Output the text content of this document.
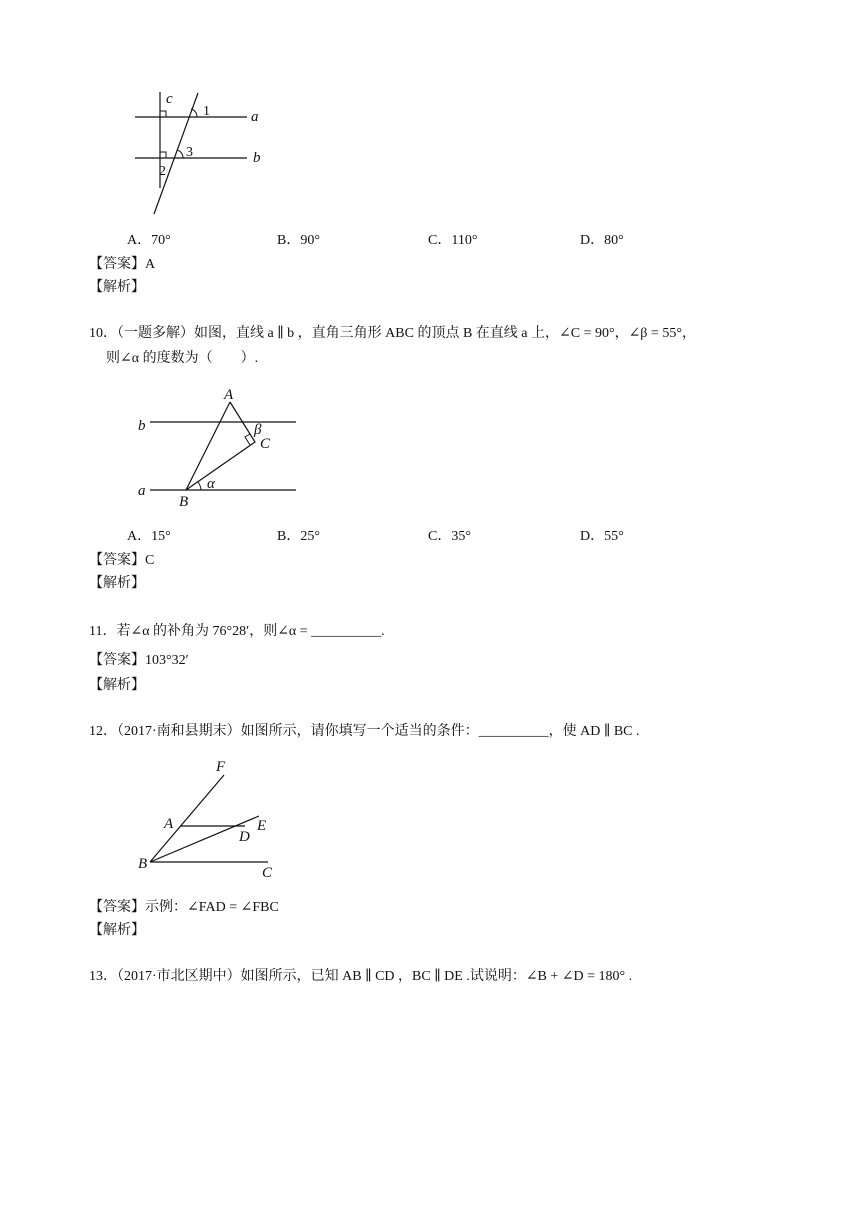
c
a
b
1
2
3
A．70°	B．90°	C．110°	D．80°
【答案】A
【解析】
10．（一题多解）如图，直线 a ∥ b ，直角三角形 ABC 的顶点 B 在直线 a 上，∠C = 90°，∠β = 55°，
则∠α 的度数为（　　）.
A
B
C
b
a	α
β
A．15°	B．25°	C．35°	D．55°
【答案】C
【解析】
11．若∠α 的补角为 76°28′，则∠α = __________.
【答案】103°32′
【解析】
12．（2017·南和县期末）如图所示，请你填写一个适当的条件：__________，使 AD ∥ BC .
F
A
D
E
B
C
【答案】示例：∠FAD = ∠FBC
【解析】
13．（2017·市北区期中）如图所示，已知 AB ∥ CD ，BC ∥ DE .试说明：∠B + ∠D = 180° .
